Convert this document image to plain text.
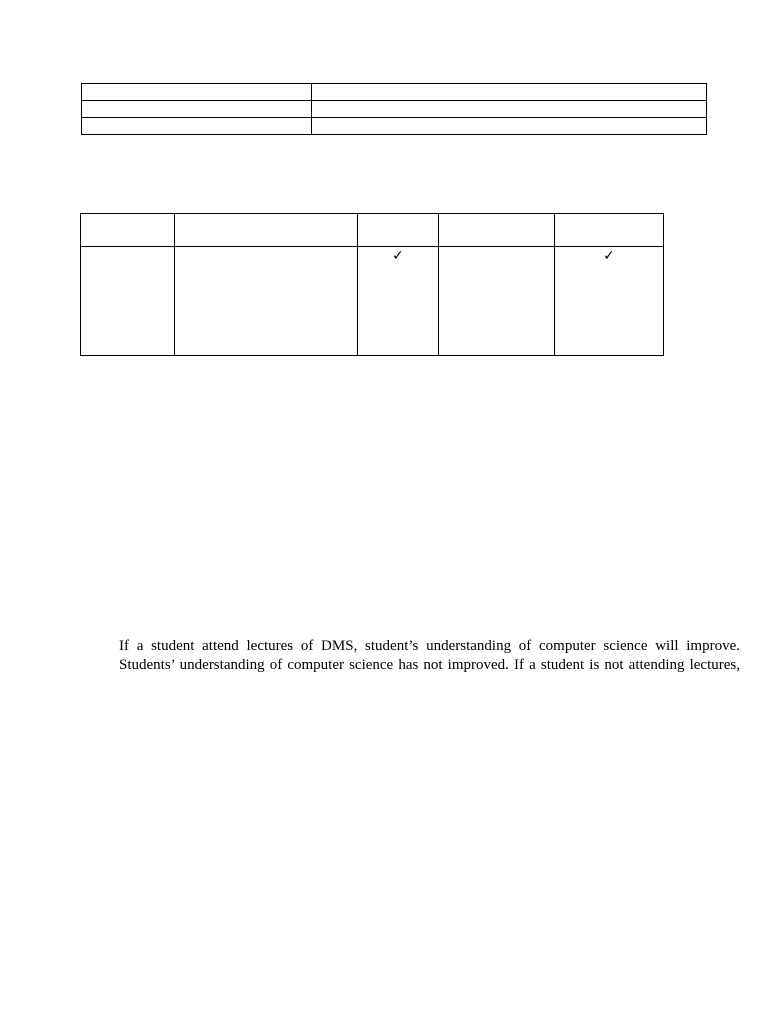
		✓		✓

If a student attend lectures of DMS, student’s understanding of computer science will improve.
Students’ understanding of computer science has not improved. If a student is not attending lectures,
